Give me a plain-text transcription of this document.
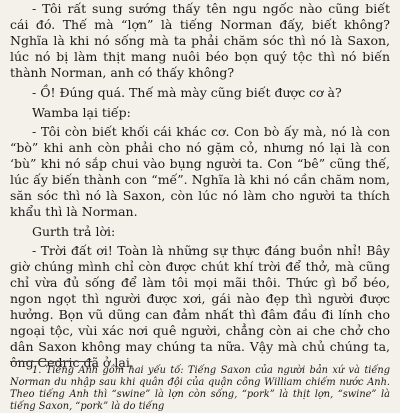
- Tôi rất sung sướng thấy tên ngu ngốc nào cũng biết cái đó. Thế mà “lợn” là tiếng Norman đấy, biết không? Nghĩa là khi nó sống mà ta phải chăm sóc thì nó là Saxon, lúc nó bị làm thịt mang nuôi béo bọn quý tộc thì nó biến thành Norman, anh có thấy không?

- Ồ! Đúng quá. Thế mà mày cũng biết được cơ à?

Wamba lại tiếp:

- Tôi còn biết khối cái khác cơ. Con bò ấy mà, nó là con “bò” khi anh còn phải cho nó gặm cỏ, nhưng nó lại là con ‘bù” khi nó sắp chui vào bụng người ta. Con “bê” cũng thế, lúc ấy biến thành con “mế”. Nghĩa là khi nó cần chăm nom, săn sóc thì nó là Saxon, còn lúc nó làm cho người ta thích khẩu thì là Norman.

Gurth trả lời:

- Trời đất ơi! Toàn là những sự thực đáng buồn nhỉ! Bây giờ chúng mình chỉ còn được chút khí trời để thở, mà cũng chỉ vừa đủ sống để làm tôi mọi mãi thôi. Thức gì bổ béo, ngon ngọt thì người được xơi, gái nào đẹp thì người được hưởng. Bọn vũ dũng can đảm nhất thì đâm đầu đi lính cho ngoại tộc, vùi xác nơi quê người, chẳng còn ai che chở cho dân Saxon không may chúng ta nữa. Vậy mà chủ chúng ta, ông Cedric đã ở lại.

1. Tiếng Anh gồm hai yếu tố: Tiếng Saxon của người bản xứ và tiếng Norman du nhập sau khi quân đội của quận công William chiếm nước Anh. Theo tiếng Anh thì “swine” là lợn còn sống, “pork” là thịt lợn, “swine” là tiếng Saxon, “pork” là do tiếng
